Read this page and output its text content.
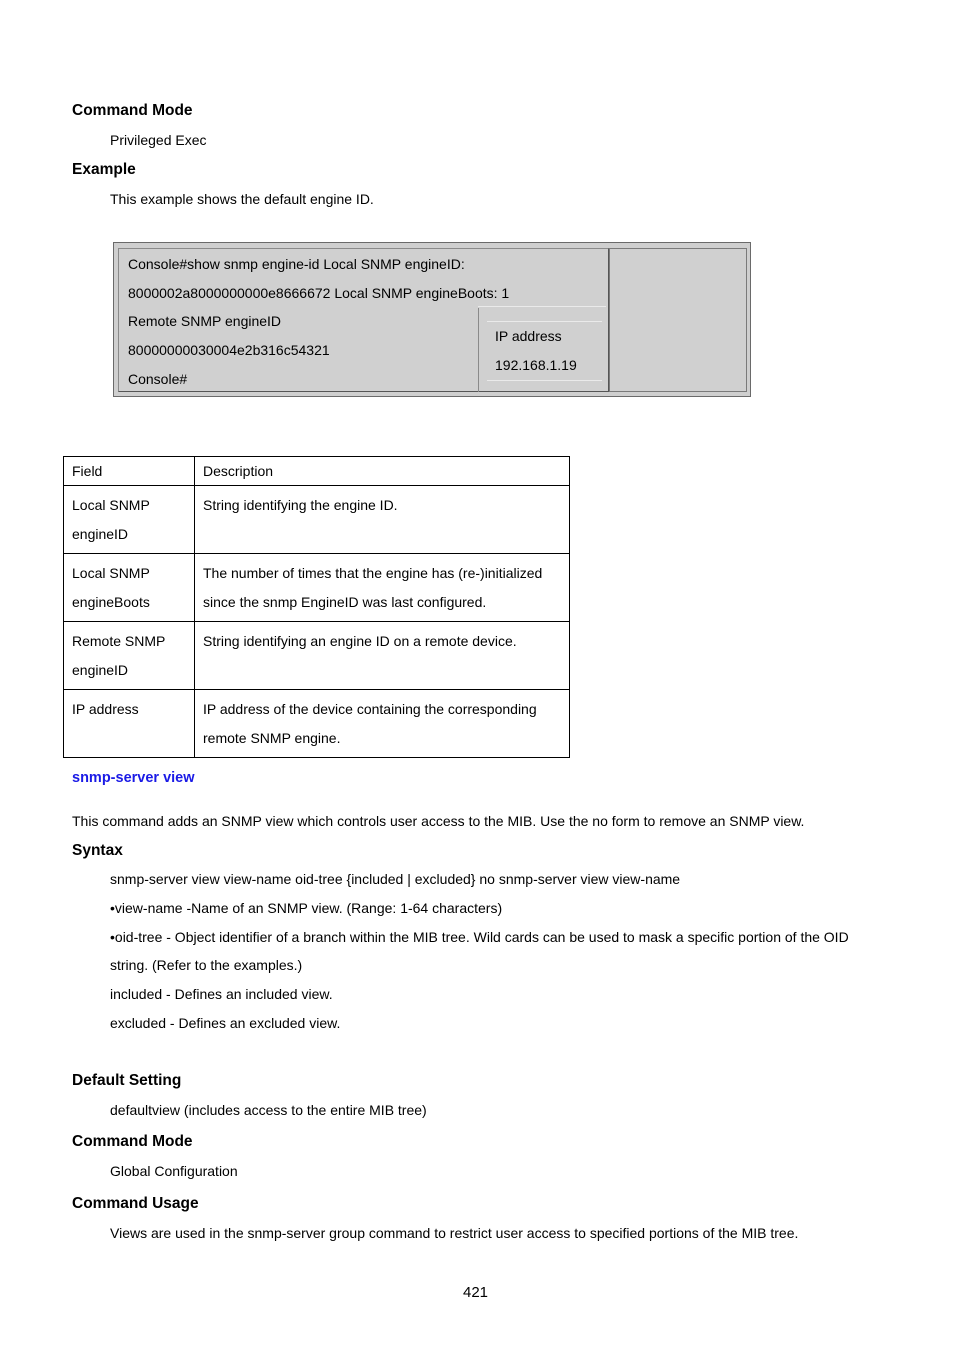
Command Mode
Privileged Exec
Example
This example shows the default engine ID.
Console#show snmp engine-id Local SNMP engineID:
8000002a8000000000e8666672 Local SNMP engineBoots: 1
Remote SNMP engineID
80000000030004e2b316c54321
Console#
IP address
192.168.1.19
Field	Description
Local SNMP engineID	String identifying the engine ID.
Local SNMP engineBoots	The number of times that the engine has (re-)initialized since the snmp EngineID was last configured.
Remote SNMP engineID	String identifying an engine ID on a remote device.
IP address	IP address of the device containing the corresponding remote SNMP engine.
snmp-server view
This command adds an SNMP view which controls user access to the MIB. Use the no form to remove an SNMP view.
Syntax
snmp-server view view-name oid-tree {included | excluded} no snmp-server view view-name
•view-name -Name of an SNMP view. (Range: 1-64 characters)
•oid-tree - Object identifier of a branch within the MIB tree. Wild cards can be used to mask a specific portion of the OID
string. (Refer to the examples.)
included - Defines an included view.
excluded - Defines an excluded view.
Default Setting
defaultview (includes access to the entire MIB tree)
Command Mode
Global Configuration
Command Usage
Views are used in the snmp-server group command to restrict user access to specified portions of the MIB tree.
421
